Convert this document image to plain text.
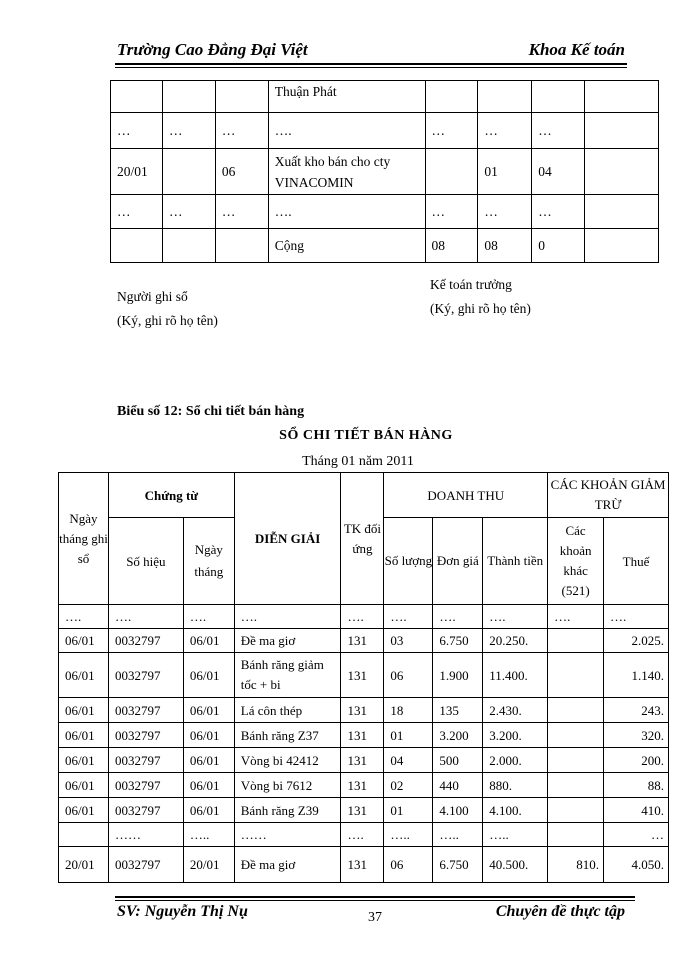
Trường Cao Đẳng Đại Việt	Khoa Kế toán
			Thuận Phát				
…	…	…	….	…	…	…	
20/01		06	Xuất kho bán cho cty VINACOMIN		01	04	
…	…	…	….	…	…	…	
			Cộng	08	08	0	
Người ghi sổ
(Ký, ghi rõ họ tên)
Kế toán trưởng
(Ký, ghi rõ họ tên)
Biểu số 12: Sổ chi tiết bán hàng
SỔ CHI TIẾT BÁN HÀNG
Tháng 01 năm 2011
Ngày tháng ghi sổ	Chứng từ		DIỄN GIẢI	TK đối ứng	DOANH THU			CÁC KHOẢN GIẢM TRỪ	
	Số hiệu	Ngày tháng			Số lượng	Đơn giá	Thành tiền	Các khoản khác (521)	Thuế
….	….	….	….	….	….	….	….	….	….
06/01	0032797	06/01	Đề ma giơ	131	03	6.750	20.250.		2.025.
06/01	0032797	06/01	Bánh răng giảm tốc + bi	131	06	1.900	11.400.		1.140.
06/01	0032797	06/01	Lá côn thép	131	18	135	2.430.		243.
06/01	0032797	06/01	Bánh răng Z37	131	01	3.200	3.200.		320.
06/01	0032797	06/01	Vòng bi 42412	131	04	500	2.000.		200.
06/01	0032797	06/01	Vòng bi 7612	131	02	440	880.		88.
06/01	0032797	06/01	Bánh răng Z39	131	01	4.100	4.100.		410.
	……	…..	……	….	…..	…..	…..		…
20/01	0032797	20/01	Đề ma giơ	131	06	6.750	40.500.	810.	4.050.
SV: Nguyễn Thị Nụ	37	Chuyên đề thực tập
